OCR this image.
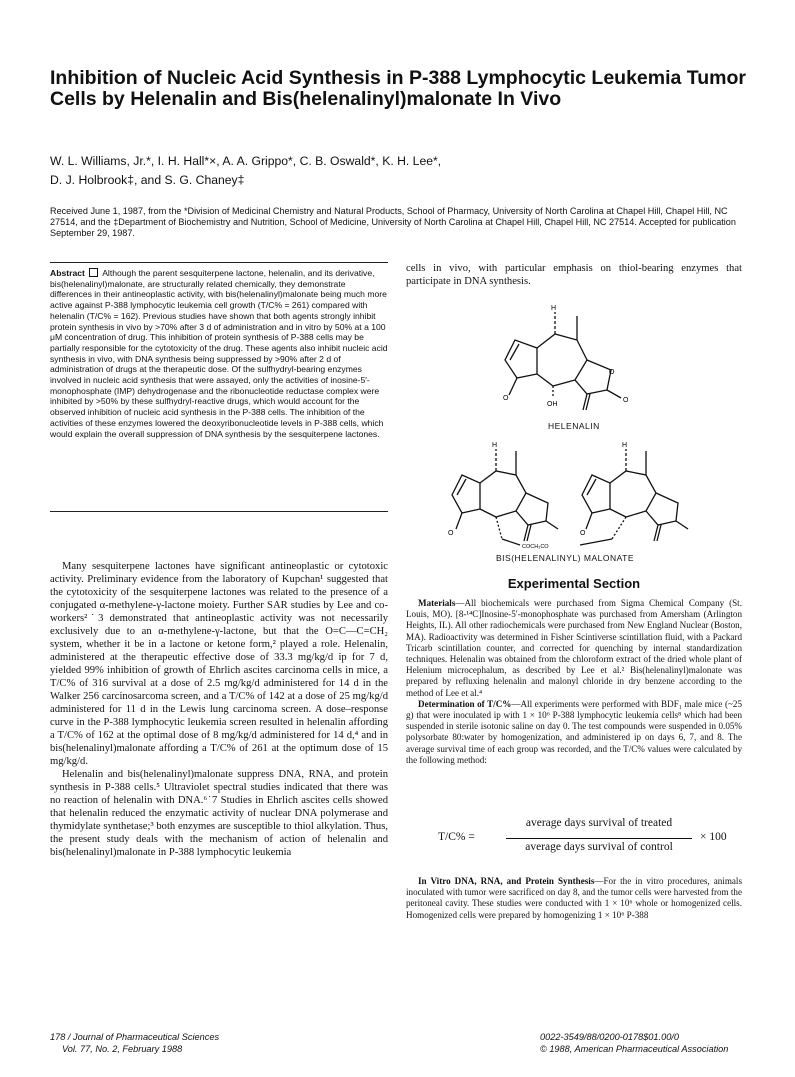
Inhibition of Nucleic Acid Synthesis in P-388 Lymphocytic Leukemia Tumor Cells by Helenalin and Bis(helenalinyl)malonate In Vivo
W. L. Williams, Jr.*, I. H. Hall*×, A. A. Grippo*, C. B. Oswald*, K. H. Lee*,
D. J. Holbrook‡, and S. G. Chaney‡
Received June 1, 1987, from the *Division of Medicinal Chemistry and Natural Products, School of Pharmacy, University of North Carolina at Chapel Hill, Chapel Hill, NC 27514, and the ‡Department of Biochemistry and Nutrition, School of Medicine, University of North Carolina at Chapel Hill, Chapel Hill, NC 27514. Accepted for publication September 29, 1987.
Abstract Although the parent sesquiterpene lactone, helenalin, and its derivative, bis(helenalinyl)malonate, are structurally related chemically, they demonstrate differences in their antineoplastic activity, with bis(helenalinyl)malonate being much more active against P-388 lymphocytic leukemia cell growth (T/C% = 261) compared with helenalin (T/C% = 162). Previous studies have shown that both agents strongly inhibit protein synthesis in vivo by >70% after 3 d of administration and in vitro by 50% at a 100 μM concentration of drug. This inhibition of protein synthesis of P-388 cells may be partially responsible for the cytotoxicity of the drug. These agents also inhibit nucleic acid synthesis in vivo, with DNA synthesis being suppressed by >90% after 2 d of administration of drugs at the therapeutic dose. Of the sulfhydryl-bearing enzymes involved in nucleic acid synthesis that were assayed, only the activities of inosine-5′-monophosphate (IMP) dehydrogenase and the ribonucleotide reductase complex were inhibited by >50% by these sulfhydryl-reactive drugs, which would account for the observed inhibition of nucleic acid synthesis in the P-388 cells. The inhibition of the activities of these enzymes lowered the deoxyribonucleotide levels in P-388 cells, which would explain the overall suppression of DNA synthesis by the sesquiterpene lactones.

Many sesquiterpene lactones have significant antineoplastic or cytotoxic activity. Preliminary evidence from the laboratory of Kupchan¹ suggested that the cytotoxicity of the sesquiterpene lactones was related to the presence of a conjugated α-methylene-γ-lactone moiety. Further SAR studies by Lee and co-workers²˙3 demonstrated that antineoplastic activity was not necessarily exclusively due to an α-methylene-γ-lactone, but that the O=C—C=CH₂ system, whether it be in a lactone or ketone form,² played a role. Helenalin, administered at the therapeutic effective dose of 33.3 mg/kg/d ip for 7 d, yielded 99% inhibition of growth of Ehrlich ascites carcinoma cells in mice, a T/C% of 316 survival at a dose of 2.5 mg/kg/d administered for 14 d in the Walker 256 carcinosarcoma screen, and a T/C% of 142 at a dose of 25 mg/kg/d administered for 11 d in the Lewis lung carcinoma screen. A dose–response curve in the P-388 lymphocytic leukemia screen resulted in helenalin affording a T/C% of 162 at the optimal dose of 8 mg/kg/d administered for 14 d,⁴ and in bis(helenalinyl)malonate affording a T/C% of 261 at the optimum dose of 15 mg/kg/d.

Helenalin and bis(helenalinyl)malonate suppress DNA, RNA, and protein synthesis in P-388 cells.⁵ Ultraviolet spectral studies indicated that there was no reaction of helenalin with DNA.⁶˙7 Studies in Ehrlich ascites cells showed that helenalin reduced the enzymatic activity of nuclear DNA polymerase and thymidylate synthetase;³ both enzymes are susceptible to thiol alkylation. Thus, the present study deals with the mechanism of action of helenalin and bis(helenalinyl)malonate in P-388 lymphocytic leukemia

cells in vivo, with particular emphasis on thiol-bearing enzymes that participate in DNA synthesis.

O
H
OH
O
O
HELENALIN
H	H
COCH₂CO
O	O
BIS(HELENALINYL) MALONATE
Experimental Section

Materials—All biochemicals were purchased from Sigma Chemical Company (St. Louis, MO). [8-¹⁴C]Inosine-5′-monophosphate was purchased from Amersham (Arlington Heights, IL). All other radiochemicals were purchased from New England Nuclear (Boston, MA). Radioactivity was determined in Fisher Scintiverse scintillation fluid, with a Packard Tricarb scintillation counter, and corrected for quenching by internal standardization techniques. Helenalin was obtained from the chloroform extract of the dried whole plant of Helenium microcephalum, as described by Lee et al.² Bis(helenalinyl)malonate was prepared by refluxing helenalin and malonyl chloride in dry benzene according to the method of Lee et al.⁴

Determination of T/C%—All experiments were performed with BDF₁ male mice (~25 g) that were inoculated ip with 1 × 10⁶ P-388 lymphocytic leukemia cells⁸ which had been suspended in sterile isotonic saline on day 0. The test compounds were suspended in 0.05% polysorbate 80:water by homogenization, and administered ip on days 6, 7, and 8. The average survival time of each group was recorded, and the T/C% values were calculated by the following method:

T/C% =
average days survival of treated
average days survival of control
× 100

In Vitro DNA, RNA, and Protein Synthesis—For the in vitro procedures, animals inoculated with tumor were sacrificed on day 8, and the tumor cells were harvested from the peritoneal cavity. These studies were conducted with 1 × 10⁶ whole or homogenized cells. Homogenized cells were prepared by homogenizing 1 × 10⁶ P-388

178 / Journal of Pharmaceutical Sciences
Vol. 77, No. 2, February 1988
0022-3549/88/0200-0178$01.00/0
© 1988, American Pharmaceutical Association
